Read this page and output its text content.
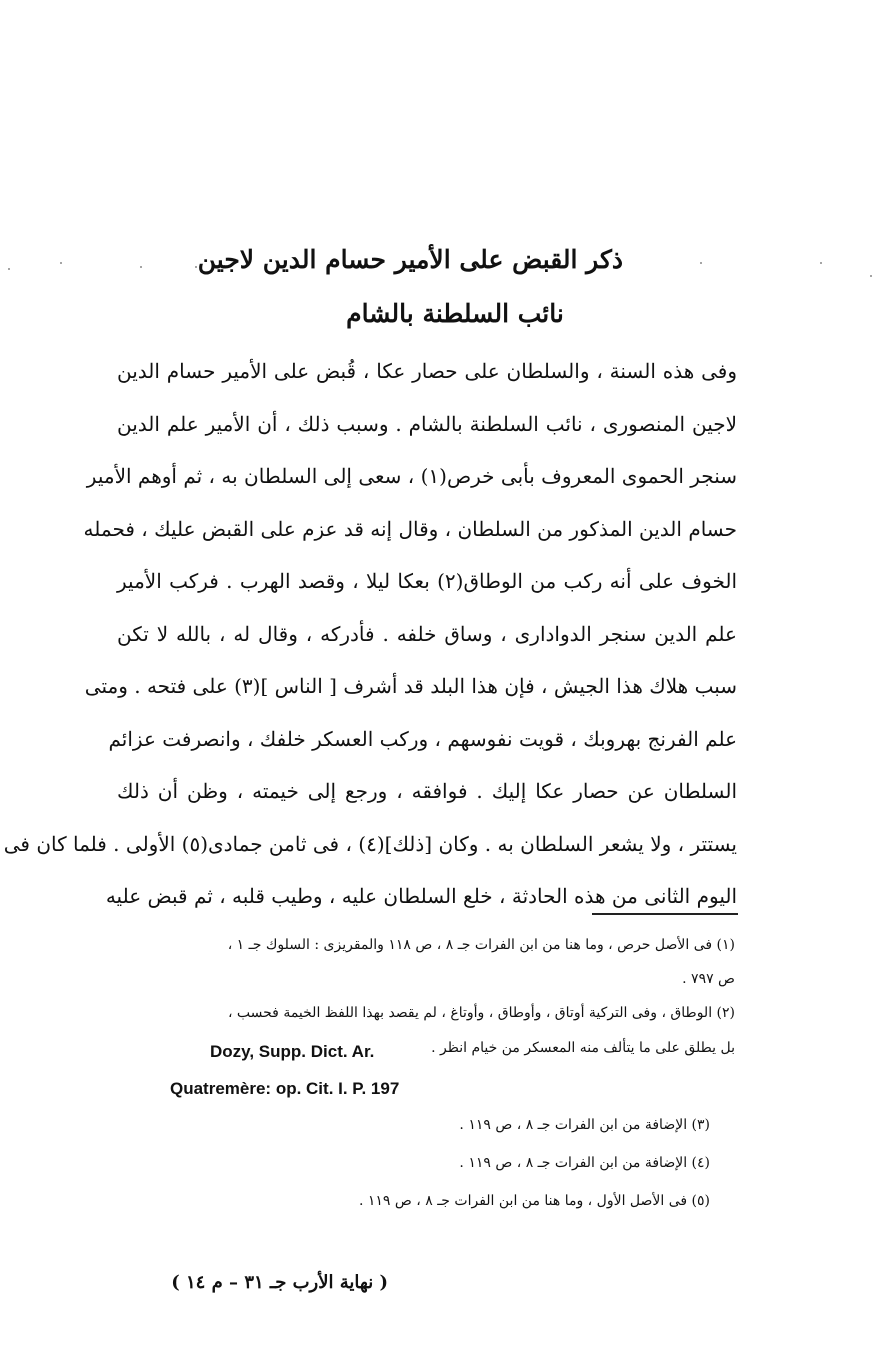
ذكر القبض على الأمير حسام الدين لاجين
نائب السلطنة بالشام
وفى هذه السنة ، والسلطان على حصار عكا ، قُبض على الأمير حسام الدين
لاجين المنصورى ، نائب السلطنة بالشام . وسبب ذلك ، أن الأمير علم الدين
سنجر الحموى المعروف بأبى خرص(١) ، سعى إلى السلطان به ، ثم أوهم الأمير
حسام الدين المذكور من السلطان ، وقال إنه قد عزم على القبض عليك ، فحمله
الخوف على أنه ركب من الوطاق(٢) بعكا ليلا ، وقصد الهرب . فركب الأمير
علم الدين سنجر الدوادارى ، وساق خلفه . فأدركه ، وقال له ، بالله لا تكن
سبب هلاك هذا الجيش ، فإن هذا البلد قد أشرف [ الناس ](٣) على فتحه . ومتى
علم الفرنج بهروبك ، قويت نفوسهم ، وركب العسكر خلفك ، وانصرفت عزائم
السلطان عن حصار عكا إليك . فوافقه ، ورجع إلى خيمته ، وظن أن ذلك
يستتر ، ولا يشعر السلطان به . وكان [ذلك](٤) ، فى ثامن جمادى(٥) الأولى . فلما كان فى
اليوم الثانى من هذه الحادثة ، خلع السلطان عليه ، وطيب قلبه ، ثم قبض عليه
(١) فى الأصل حرص ، وما هنا من ابن الفرات جـ ٨ ، ص ١١٨ والمقريزى : السلوك جـ ١ ،
ص ٧٩٧ .
(٢) الوطاق ، وفى التركية أوتاق ، وأوطاق ، وأوتاغ ، لم يقصد بهذا اللفظ الخيمة فحسب ،
بل يطلق على ما يتألف منه المعسكر من خيام انظر .
Dozy, Supp. Dict. Ar.
Quatremère: op. Cit. I. P. 197
(٣) الإضافة من ابن الفرات جـ ٨ ، ص ١١٩ .
(٤) الإضافة من ابن الفرات جـ ٨ ، ص ١١٩ .
(٥) فى الأصل الأول ، وما هنا من ابن الفرات جـ ٨ ، ص ١١٩ .
( نهاية الأرب جـ ٣١ – م ١٤ )
